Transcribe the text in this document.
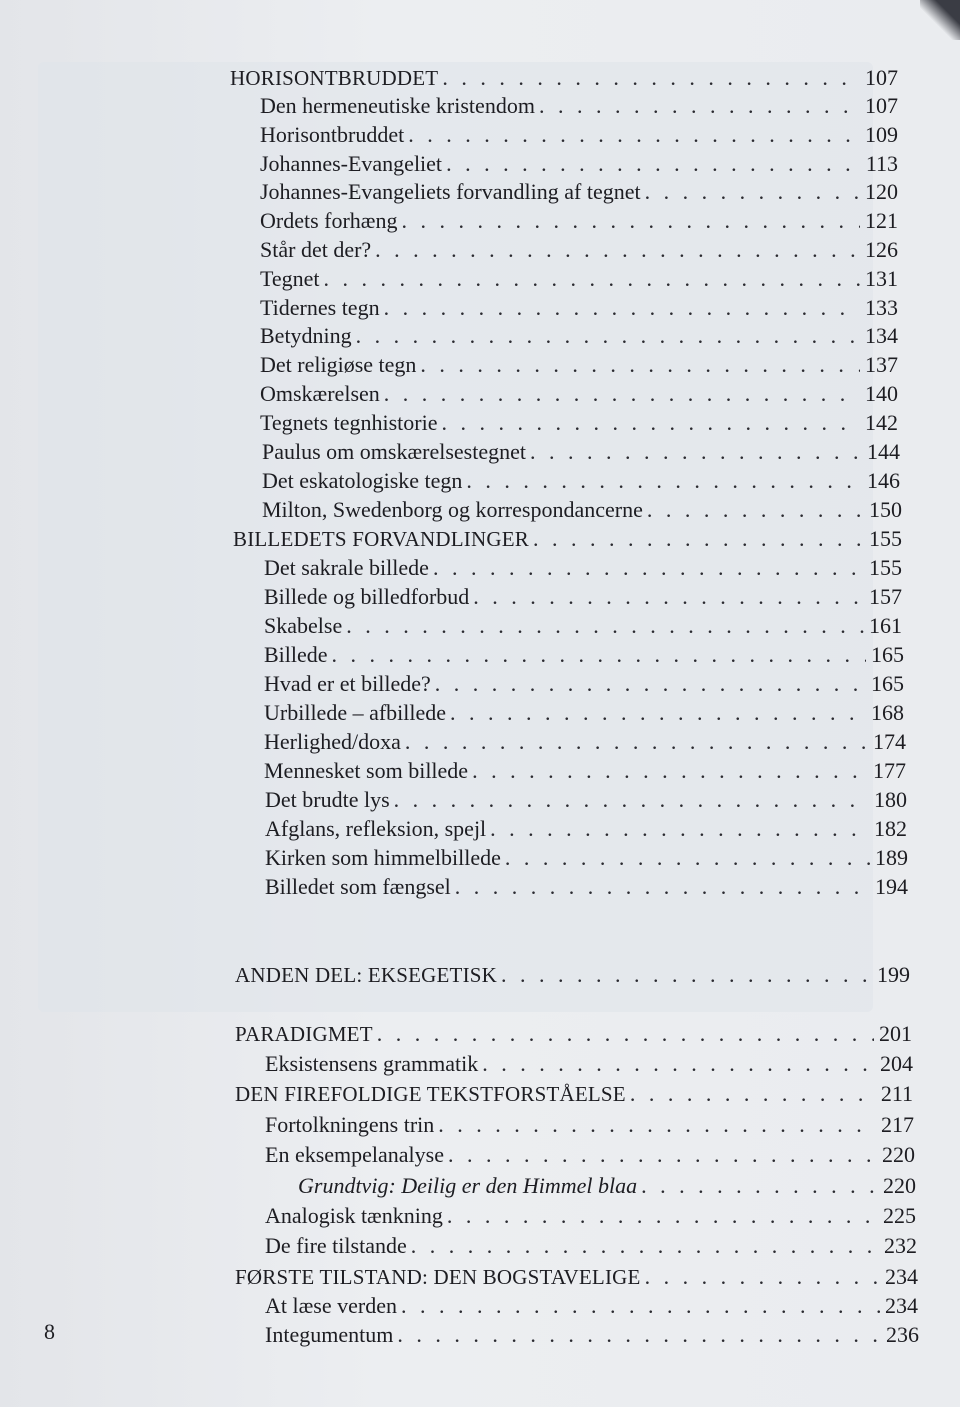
HORISONTBRUDDET . . .	107
Den hermeneutiske kristendom . . .	107
Horisontbruddet . . .	109
Johannes-Evangeliet . . .	113
Johannes-Evangeliets forvandling af tegnet . . .	120
Ordets forhæng . . .	121
Står det der? . . .	126
Tegnet . . .	131
Tidernes tegn . . .	133
Betydning . . .	134
Det religiøse tegn . . .	137
Omskærelsen . . .	140
Tegnets tegnhistorie . . .	142
Paulus om omskærelsestegnet . . .	144
Det eskatologiske tegn . . .	146
Milton, Swedenborg og korrespondancerne . . .	150
BILLEDETS FORVANDLINGER . . .	155
Det sakrale billede . . .	155
Billede og billedforbud . . .	157
Skabelse . . .	161
Billede . . .	165
Hvad er et billede? . . .	165
Urbillede – afbillede . . .	168
Herlighed/doxa . . .	174
Mennesket som billede . . .	177
Det brudte lys . . .	180
Afglans, refleksion, spejl . . .	182
Kirken som himmelbillede . . .	189
Billedet som fængsel . . .	194
ANDEN DEL: EKSEGETISK . . .	199
PARADIGMET . . .	201
Eksistensens grammatik . . .	204
DEN FIREFOLDIGE TEKSTFORSTÅELSE . . .	211
Fortolkningens trin . . .	217
En eksempelanalyse . . .	220
Grundtvig: Deilig er den Himmel blaa . . .	220
Analogisk tænkning . . .	225
De fire tilstande . . .	232
FØRSTE TILSTAND: DEN BOGSTAVELIGE . . .	234
At læse verden . . .	234
Integumentum . . .	236
8
